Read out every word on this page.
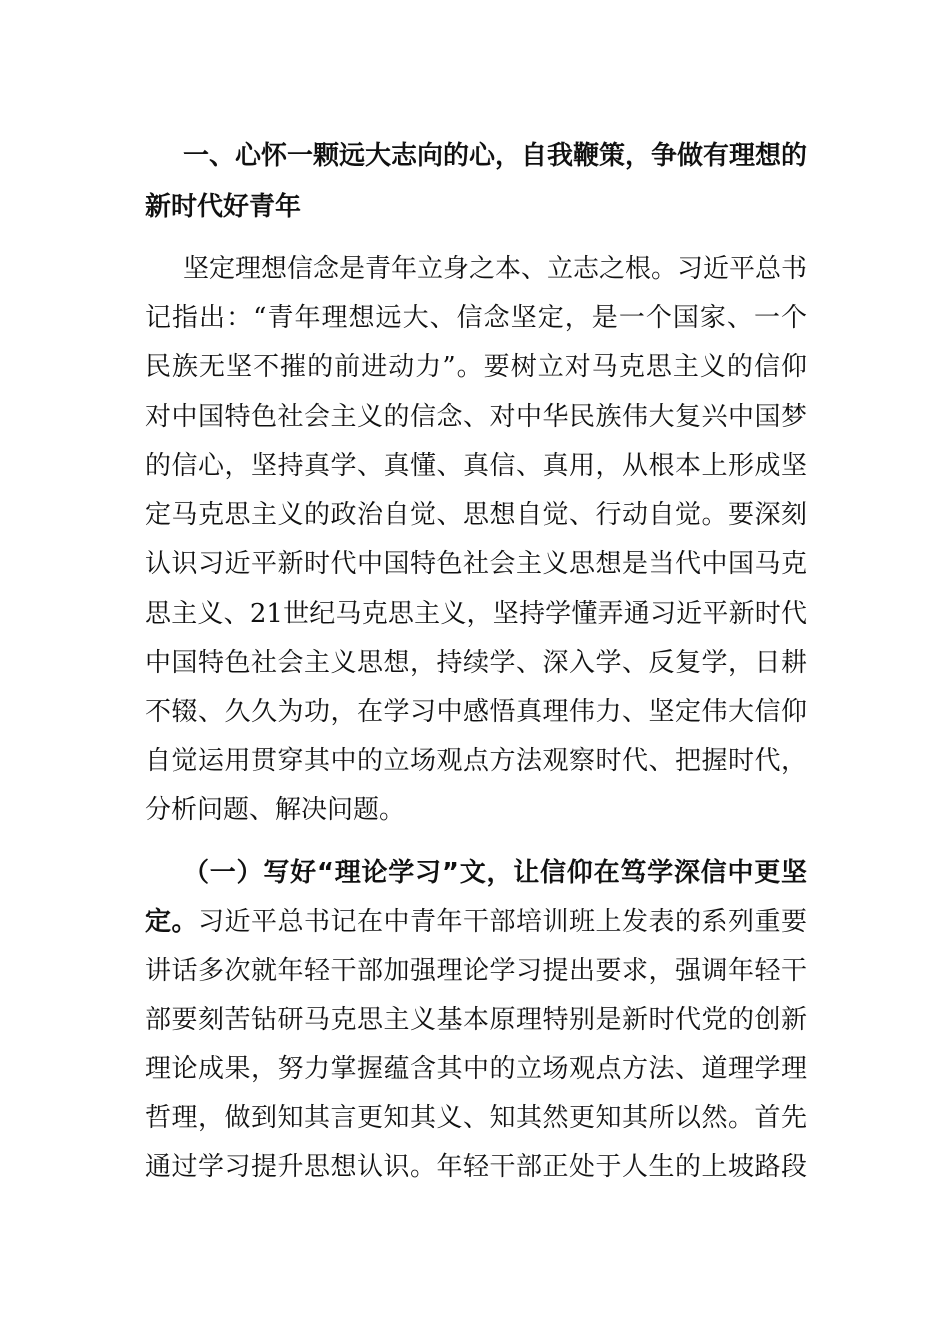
一、心怀一颗远大志向的心，自我鞭策，争做有理想的

新时代好青年

坚定理想信念是青年立身之本、立志之根。习近平总书

记指出：“青年理想远大、信念坚定，是一个国家、一个

民族无坚不摧的前进动力”。要树立对马克思主义的信仰

对中国特色社会主义的信念、对中华民族伟大复兴中国梦

的信心，坚持真学、真懂、真信、真用，从根本上形成坚

定马克思主义的政治自觉、思想自觉、行动自觉。要深刻

认识习近平新时代中国特色社会主义思想是当代中国马克

思主义、21世纪马克思主义，坚持学懂弄通习近平新时代

中国特色社会主义思想，持续学、深入学、反复学，日耕

不辍、久久为功，在学习中感悟真理伟力、坚定伟大信仰

自觉运用贯穿其中的立场观点方法观察时代、把握时代，

分析问题、解决问题。

（一）写好“理论学习”文，让信仰在笃学深信中更坚

定。习近平总书记在中青年干部培训班上发表的系列重要

讲话多次就年轻干部加强理论学习提出要求，强调年轻干

部要刻苦钻研马克思主义基本原理特别是新时代党的创新

理论成果，努力掌握蕴含其中的立场观点方法、道理学理

哲理，做到知其言更知其义、知其然更知其所以然。首先

通过学习提升思想认识。年轻干部正处于人生的上坡路段
